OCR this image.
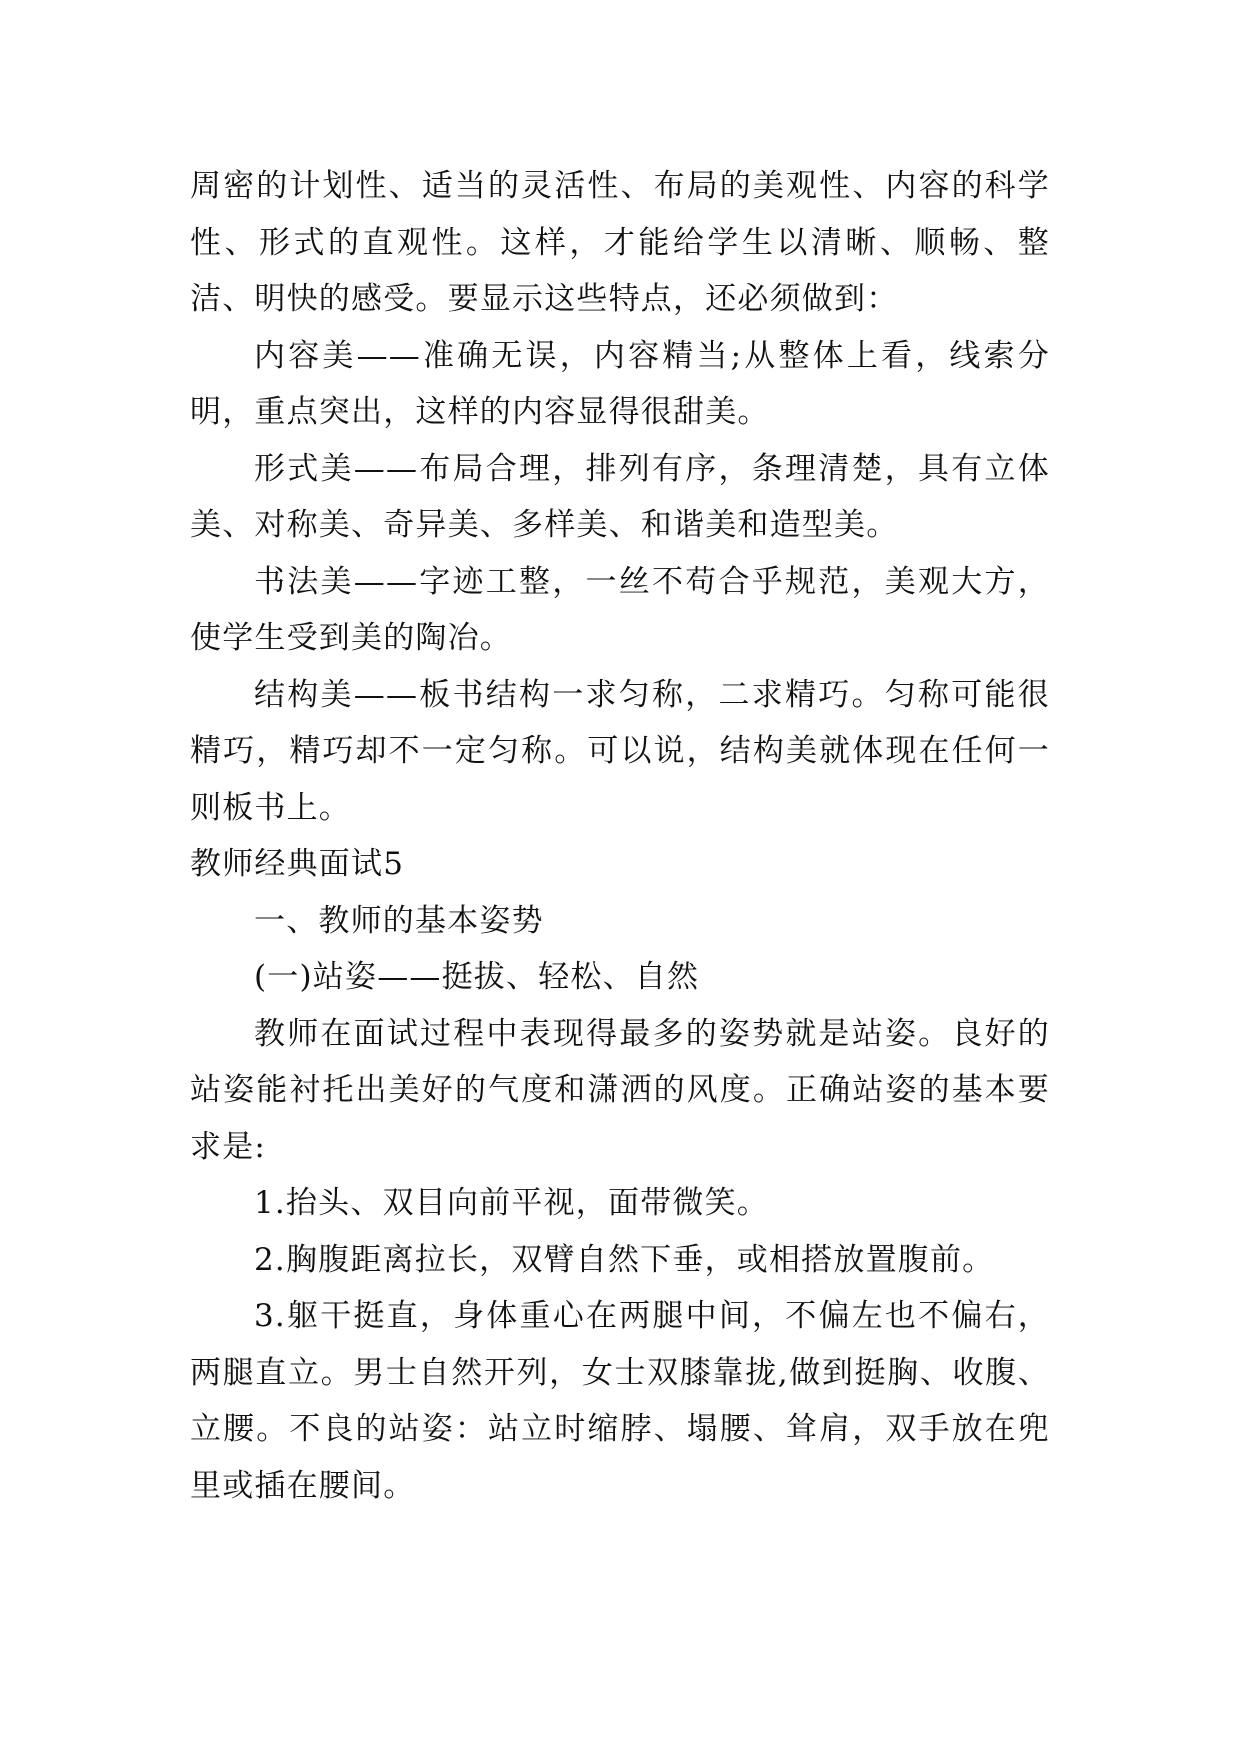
周密的计划性、适当的灵活性、布局的美观性、内容的科学性、形式的直观性。这样，才能给学生以清晰、顺畅、整洁、明快的感受。要显示这些特点，还必须做到：

内容美——准确无误，内容精当;从整体上看，线索分明，重点突出，这样的内容显得很甜美。

形式美——布局合理，排列有序，条理清楚，具有立体美、对称美、奇异美、多样美、和谐美和造型美。

书法美——字迹工整，一丝不苟合乎规范，美观大方，使学生受到美的陶冶。

结构美——板书结构一求匀称，二求精巧。匀称可能很精巧，精巧却不一定匀称。可以说，结构美就体现在任何一则板书上。

教师经典面试5

一、教师的基本姿势

(一)站姿——挺拔、轻松、自然

教师在面试过程中表现得最多的姿势就是站姿。良好的站姿能衬托出美好的气度和潇洒的风度。正确站姿的基本要求是:

1.抬头、双目向前平视，面带微笑。

2.胸腹距离拉长，双臂自然下垂，或相搭放置腹前。

3.躯干挺直，身体重心在两腿中间，不偏左也不偏右，两腿直立。男士自然开列，女士双膝靠拢,做到挺胸、收腹、立腰。不良的站姿：站立时缩脖、塌腰、耸肩，双手放在兜里或插在腰间。
